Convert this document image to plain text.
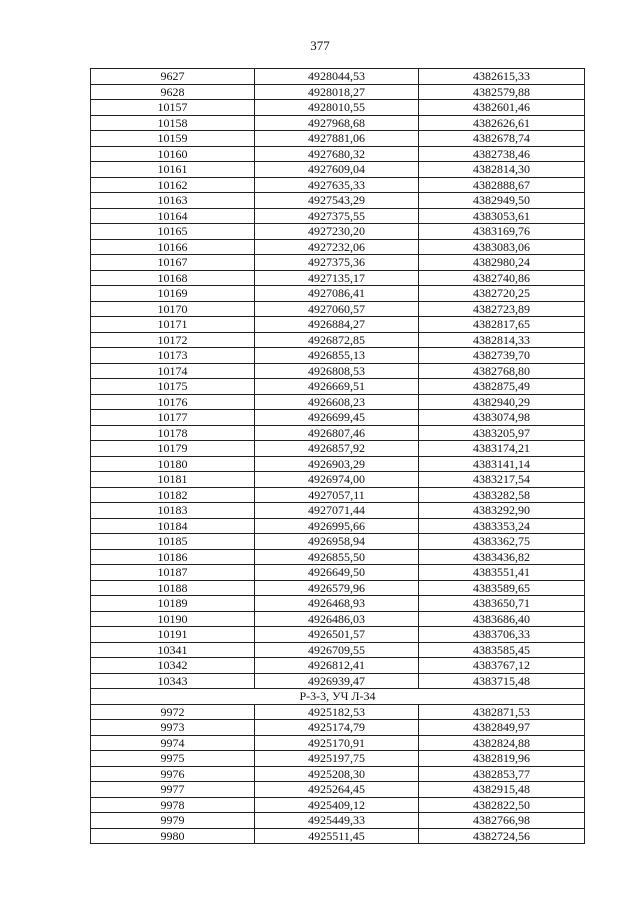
377
9627	4928044,53	4382615,33
9628	4928018,27	4382579,88
10157	4928010,55	4382601,46
10158	4927968,68	4382626,61
10159	4927881,06	4382678,74
10160	4927680,32	4382738,46
10161	4927609,04	4382814,30
10162	4927635,33	4382888,67
10163	4927543,29	4382949,50
10164	4927375,55	4383053,61
10165	4927230,20	4383169,76
10166	4927232,06	4383083,06
10167	4927375,36	4382980,24
10168	4927135,17	4382740,86
10169	4927086,41	4382720,25
10170	4927060,57	4382723,89
10171	4926884,27	4382817,65
10172	4926872,85	4382814,33
10173	4926855,13	4382739,70
10174	4926808,53	4382768,80
10175	4926669,51	4382875,49
10176	4926608,23	4382940,29
10177	4926699,45	4383074,98
10178	4926807,46	4383205,97
10179	4926857,92	4383174,21
10180	4926903,29	4383141,14
10181	4926974,00	4383217,54
10182	4927057,11	4383282,58
10183	4927071,44	4383292,90
10184	4926995,66	4383353,24
10185	4926958,94	4383362,75
10186	4926855,50	4383436,82
10187	4926649,50	4383551,41
10188	4926579,96	4383589,65
10189	4926468,93	4383650,71
10190	4926486,03	4383686,40
10191	4926501,57	4383706,33
10341	4926709,55	4383585,45
10342	4926812,41	4383767,12
10343	4926939,47	4383715,48
Р-3-3, УЧ Л-34		
9972	4925182,53	4382871,53
9973	4925174,79	4382849,97
9974	4925170,91	4382824,88
9975	4925197,75	4382819,96
9976	4925208,30	4382853,77
9977	4925264,45	4382915,48
9978	4925409,12	4382822,50
9979	4925449,33	4382766,98
9980	4925511,45	4382724,56
